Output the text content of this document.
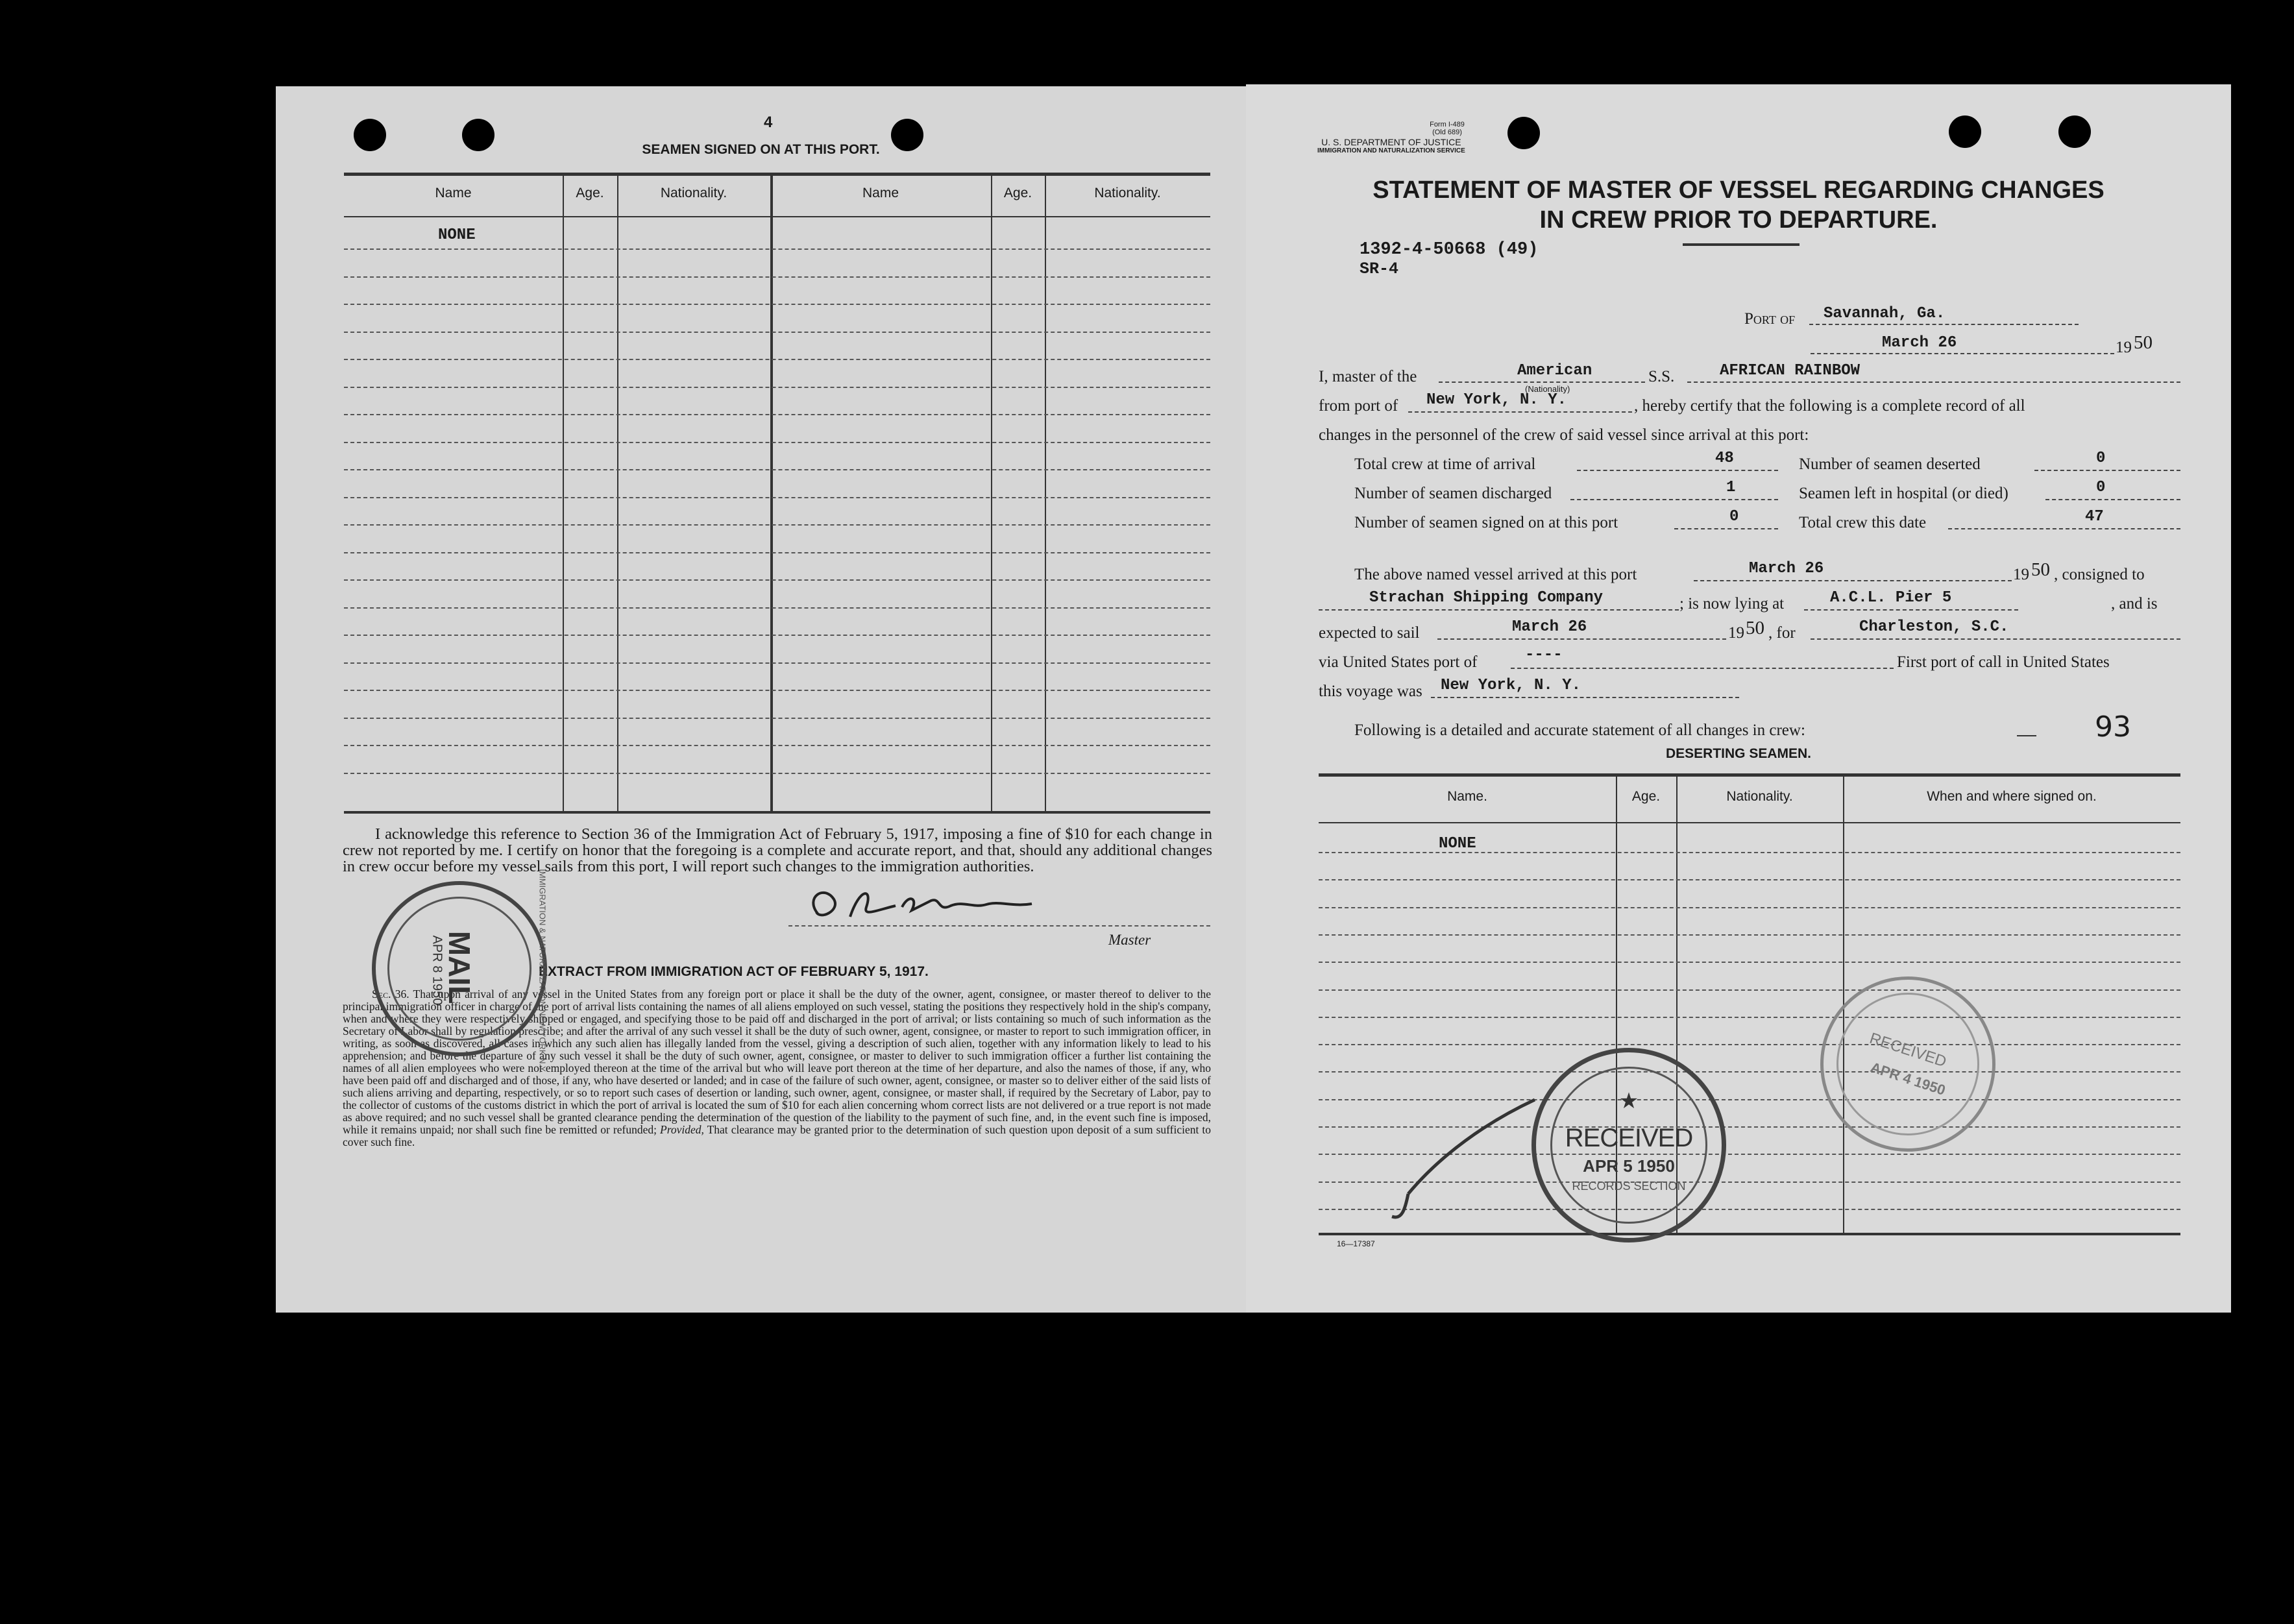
4
SEAMEN SIGNED ON AT THIS PORT.
Name	Age.	Nationality.	Name	Age.	Nationality.
NONE
I acknowledge this reference to Section 36 of the Immigration Act of February 5, 1917, imposing a fine of $10 for each change in crew not reported by me. I certify on honor that the foregoing is a complete and accurate report, and that, should any additional changes in crew occur before my vessel sails from this port, I will report such changes to the immigration authorities.
Master
EXTRACT FROM IMMIGRATION ACT OF FEBRUARY 5, 1917.
Sec. 36. That upon arrival of any vessel in the United States from any foreign port or place it shall be the duty of the owner, agent, consignee, or master thereof to deliver to the principal immigration officer in charge of the port of arrival lists containing the names of all aliens employed on such vessel, stating the positions they respectively hold in the ship's company, when and where they were respectively shipped or engaged, and specifying those to be paid off and discharged in the port of arrival; or lists containing so much of such information as the Secretary of Labor shall by regulation prescribe; and after the arrival of any such vessel it shall be the duty of such owner, agent, consignee, or master to report to such immigration officer, in writing, as soon as discovered, all cases in which any such alien has illegally landed from the vessel, giving a description of such alien, together with any information likely to lead to his apprehension; and before the departure of any such vessel it shall be the duty of such owner, agent, consignee, or master to deliver to such immigration officer a further list containing the names of all alien employees who were not employed thereon at the time of the arrival but who will leave port thereon at the time of her departure, and also the names of those, if any, who have been paid off and discharged and of those, if any, who have deserted or landed; and in case of the failure of such owner, agent, consignee, or master so to deliver either of the said lists of such aliens arriving and departing, respectively, or so to report such cases of desertion or landing, such owner, agent, consignee, or master shall, if required by the Secretary of Labor, pay to the collector of customs of the customs district in which the port of arrival is located the sum of $10 for each alien concerning whom correct lists are not delivered or a true report is not made as above required; and no such vessel shall be granted clearance pending the determination of the question of the liability to the payment of such fine, and, in the event such fine is imposed, while it remains unpaid; nor shall such fine be remitted or refunded; Provided, That clearance may be granted prior to the determination of such question upon deposit of a sum sufficient to cover such fine.
MAIL
APR 8 1950	IMMIGRATION & NATURALIZATION NEW YORK N.Y.
Form I-489
(Old 689)
U. S. DEPARTMENT OF JUSTICE
IMMIGRATION AND NATURALIZATION SERVICE
STATEMENT OF MASTER OF VESSEL REGARDING CHANGES
IN CREW PRIOR TO DEPARTURE.
1392-4-50668 (49)
SR-4
Port of Savannah, Ga.
March 26	19 50
I, master of the	American
(Nationality)
S.S.	AFRICAN RAINBOW
from port of New York, N. Y.	, hereby certify that the following is a complete record of all
changes in the personnel of the crew of said vessel since arrival at this port:
Total crew at time of arrival	48	Number of seamen deserted	0
Number of seamen discharged	1	Seamen left in hospital (or died)	0
Number of seamen signed on at this port	0	Total crew this date	47
The above named vessel arrived at this port	March 26	19 50 , consigned to
Strachan Shipping Company	; is now lying at	A.C.L. Pier 5	, and is
expected to sail	March 26	19 50 , for	Charleston, S.C.
via United States port of	----	First port of call in United States
this voyage was New York, N. Y.
Following is a detailed and accurate statement of all changes in crew:	93
DESERTING SEAMEN.
Name.	Age.	Nationality.	When and where signed on.
NONE
★
RECEIVED
APR 5 1950
RECORDS SECTION
RECEIVED
APR 4 1950
16—17387
